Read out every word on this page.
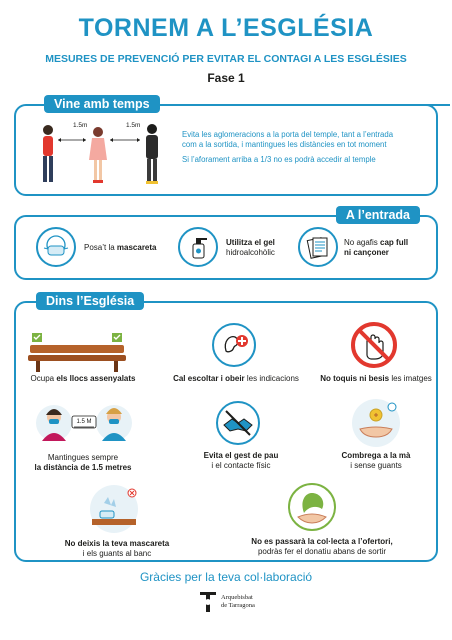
TORNEM A L’ESGLÉSIA
MESURES DE PREVENCIÓ PER EVITAR EL CONTAGI A LES ESGLÉSIES
Fase 1
Vine amb temps
1.5m	1.5m
Evita les aglomeracions a la porta del temple, tant a l’entrada
com a la sortida, i mantingues les distàncies en tot moment
Si l’aforament arriba a 1/3 no es podrà accedir al temple
A l’entrada
Posa’t la mascareta
Utilitza el gel
hidroalcohòlic
No agafis cap full
ni cançoner
Dins l’Església
Ocupa els llocs assenyalats	Cal escoltar i obeir les indicacions	No toquis ni besis les imatges
1.5 M
Mantingues sempre
la distància de 1.5 metres
Evita el gest de pau
i el contacte físic
Combrega a la mà
i sense guants
No deixis la teva mascareta
i els guants al banc
No es passarà la col·lecta a l’ofertori,
podràs fer el donatiu abans de sortir
Gràcies per la teva col·laboració
Arquebisbat
de Tarragona
